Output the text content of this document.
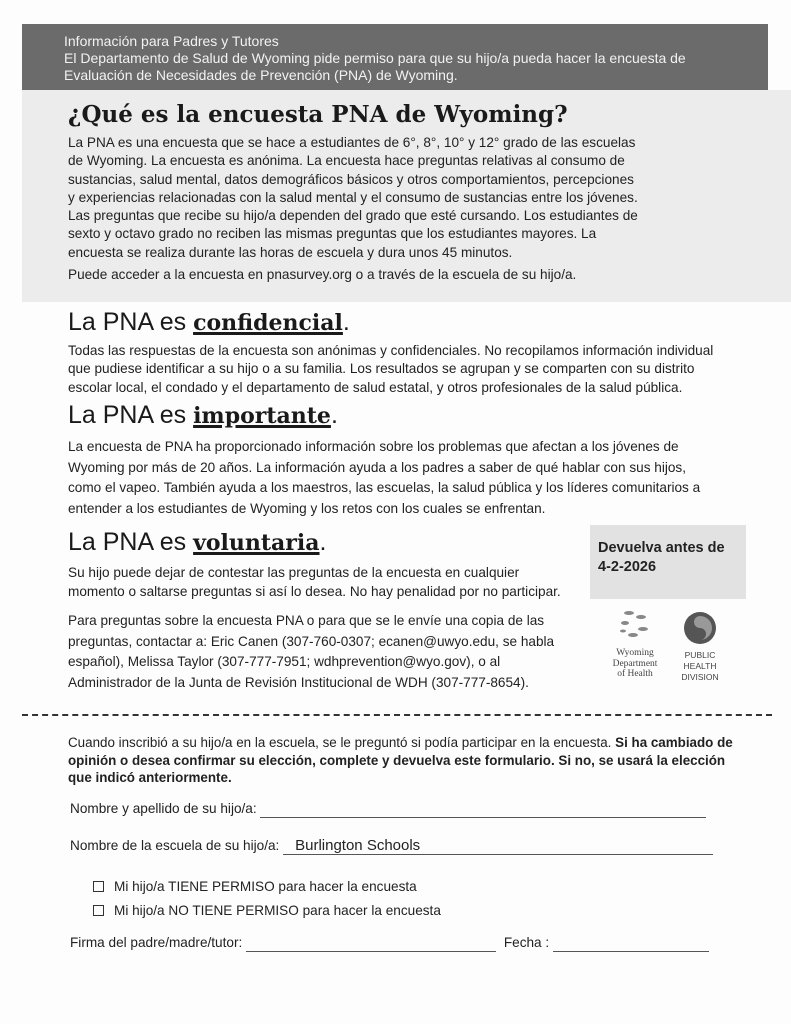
Información para Padres y Tutores
El Departamento de Salud de Wyoming pide permiso para que su hijo/a pueda hacer la encuesta de
Evaluación de Necesidades de Prevención (PNA) de Wyoming.
¿Qué es la encuesta PNA de Wyoming?
La PNA es una encuesta que se hace a estudiantes de 6°, 8°, 10° y 12° grado de las escuelas
de Wyoming. La encuesta es anónima. La encuesta hace preguntas relativas al consumo de
sustancias, salud mental, datos demográficos básicos y otros comportamientos, percepciones
y experiencias relacionadas con la salud mental y el consumo de sustancias entre los jóvenes.
Las preguntas que recibe su hijo/a dependen del grado que esté cursando. Los estudiantes de
sexto y octavo grado no reciben las mismas preguntas que los estudiantes mayores. La
encuesta se realiza durante las horas de escuela y dura unos 45 minutos.
Puede acceder a la encuesta en pnasurvey.org o a través de la escuela de su hijo/a.
La PNA es confidencial.
Todas las respuestas de la encuesta son anónimas y confidenciales. No recopilamos información individual
que pudiese identificar a su hijo o a su familia. Los resultados se agrupan y se comparten con su distrito
escolar local, el condado y el departamento de salud estatal, y otros profesionales de la salud pública.
La PNA es importante.
La encuesta de PNA ha proporcionado información sobre los problemas que afectan a los jóvenes de
Wyoming por más de 20 años. La información ayuda a los padres a saber de qué hablar con sus hijos,
como el vapeo. También ayuda a los maestros, las escuelas, la salud pública y los líderes comunitarios a
entender a los estudiantes de Wyoming y los retos con los cuales se enfrentan.
La PNA es voluntaria.
Su hijo puede dejar de contestar las preguntas de la encuesta en cualquier
momento o saltarse preguntas si así lo desea. No hay penalidad por no participar.
Para preguntas sobre la encuesta PNA o para que se le envíe una copia de las
preguntas, contactar a: Eric Canen (307-760-0307; ecanen@uwyo.edu, se habla
español), Melissa Taylor (307-777-7951; wdhprevention@wyo.gov), o al
Administrador de la Junta de Revisión Institucional de WDH (307-777-8654).
Devuelva antes de
4-2-2026
Wyoming
Department
of Health
PUBLIC
HEALTH
DIVISION
Cuando inscribió a su hijo/a en la escuela, se le preguntó si podía participar en la encuesta. Si ha cambiado de opinión o desea confirmar su elección, complete y devuelva este formulario. Si no, se usará la elección que indicó anteriormente.
Nombre y apellido de su hijo/a:
Nombre de la escuela de su hijo/a: Burlington Schools
Mi hijo/a TIENE PERMISO para hacer la encuesta
Mi hijo/a NO TIENE PERMISO para hacer la encuesta
Firma del padre/madre/tutor:	Fecha :
